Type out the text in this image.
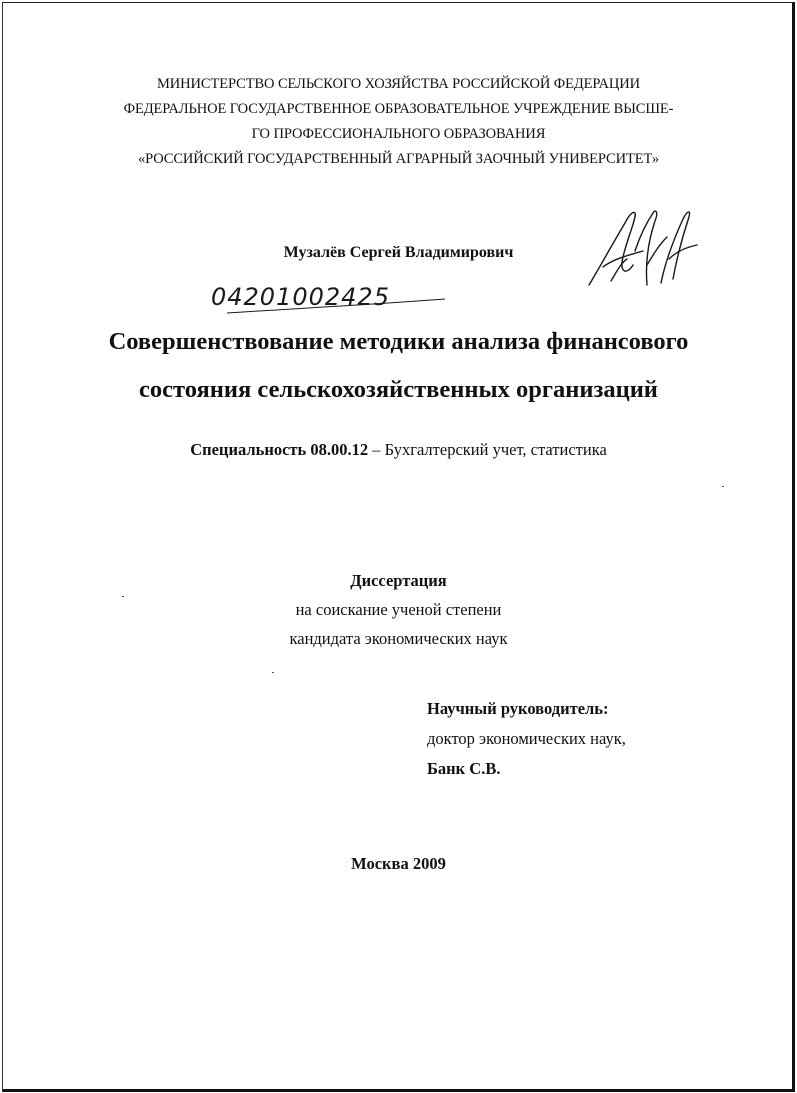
МИНИСТЕРСТВО СЕЛЬСКОГО ХОЗЯЙСТВА РОССИЙСКОЙ ФЕДЕРАЦИИ
ФЕДЕРАЛЬНОЕ ГОСУДАРСТВЕННОЕ ОБРАЗОВАТЕЛЬНОЕ УЧРЕЖДЕНИЕ ВЫСШЕ-
ГО ПРОФЕССИОНАЛЬНОГО ОБРАЗОВАНИЯ
«РОССИЙСКИЙ ГОСУДАРСТВЕННЫЙ АГРАРНЫЙ ЗАОЧНЫЙ УНИВЕРСИТЕТ»
Музалёв Сергей Владимирович
04201002425
Совершенствование методики анализа финансового
состояния сельскохозяйственных организаций
Специальность 08.00.12 – Бухгалтерский учет, статистика
Диссертация
на соискание ученой степени
кандидата экономических наук
Научный руководитель:
доктор экономических наук,
Банк С.В.
Москва 2009
